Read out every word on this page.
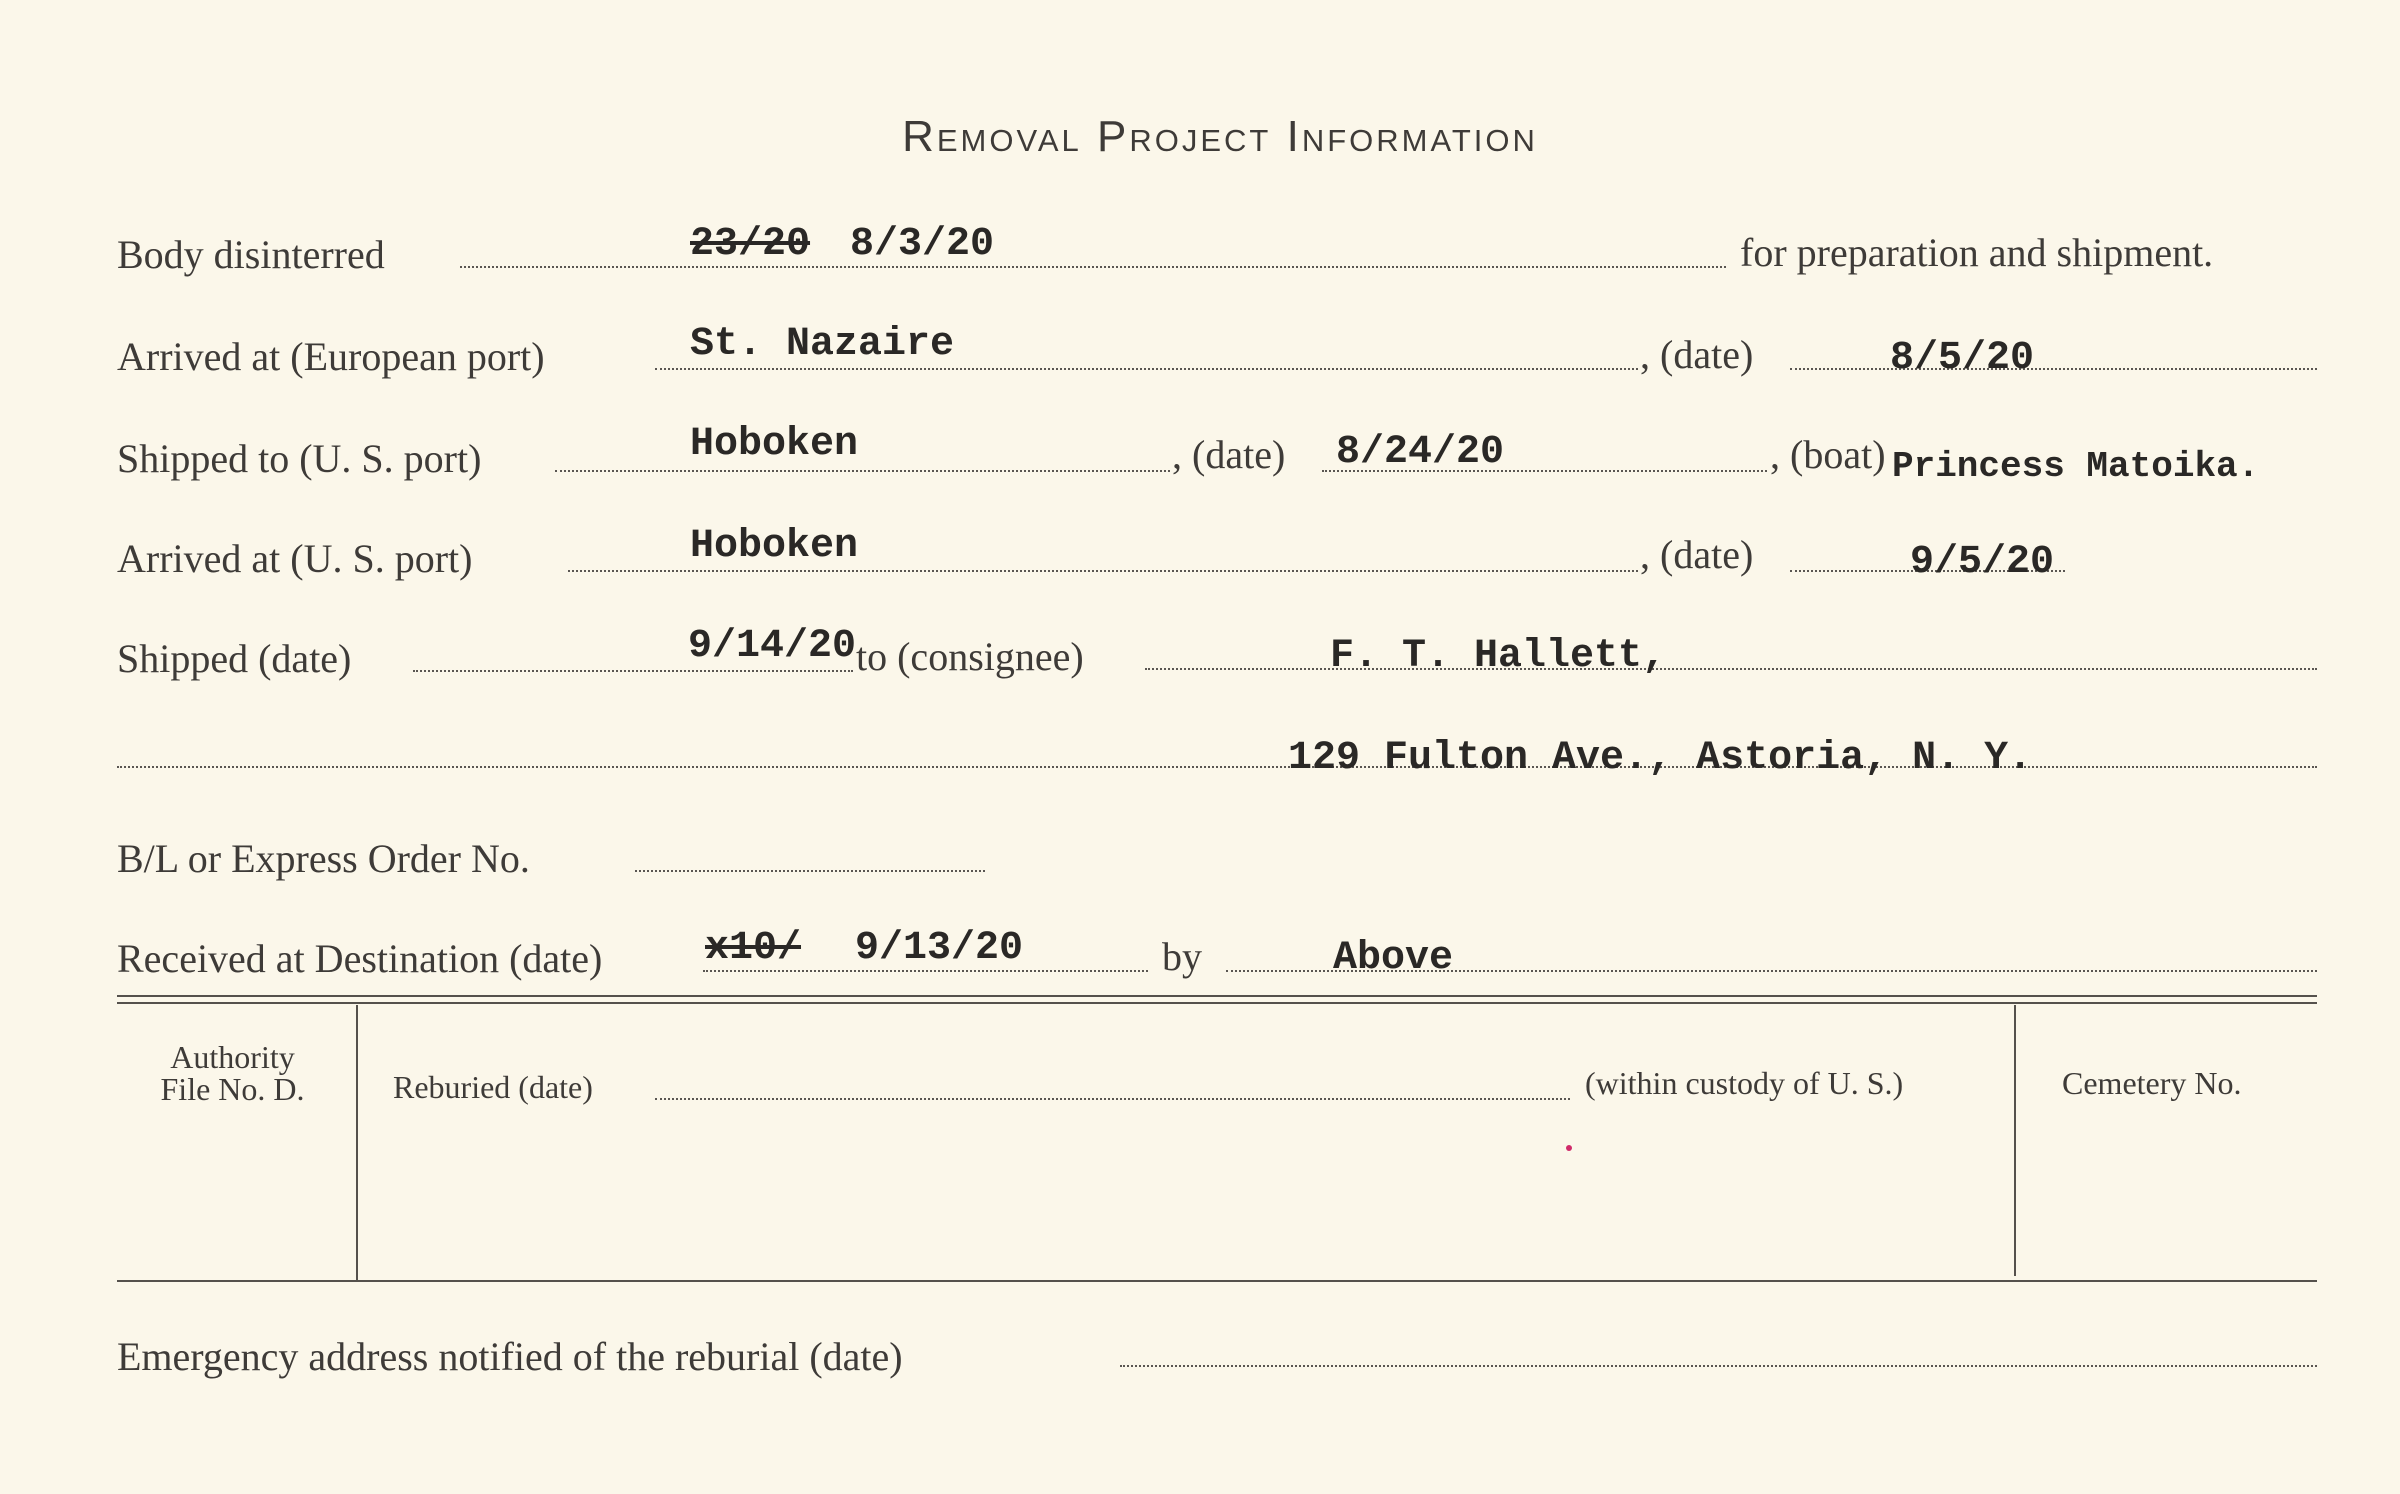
Removal Project Information
Body disinterred	23/20 8/3/20	for preparation and shipment.
Arrived at (European port)	St. Nazaire	, (date)	8/5/20
Shipped to (U. S. port)	Hoboken	, (date) 8/24/20	, (boat) Princess Matoika.
Arrived at (U. S. port)	Hoboken	, (date)	9/5/20
Shipped (date)	9/14/20 to (consignee)	F. T. Hallett,
129 Fulton Ave., Astoria, N. Y.
B/L or Express Order No.
Received at Destination (date)	x10/ 9/13/20	by	Above
Authority
File No. D.	Reburied (date)	(within custody of U. S.)	Cemetery No.
Emergency address notified of the reburial (date)
